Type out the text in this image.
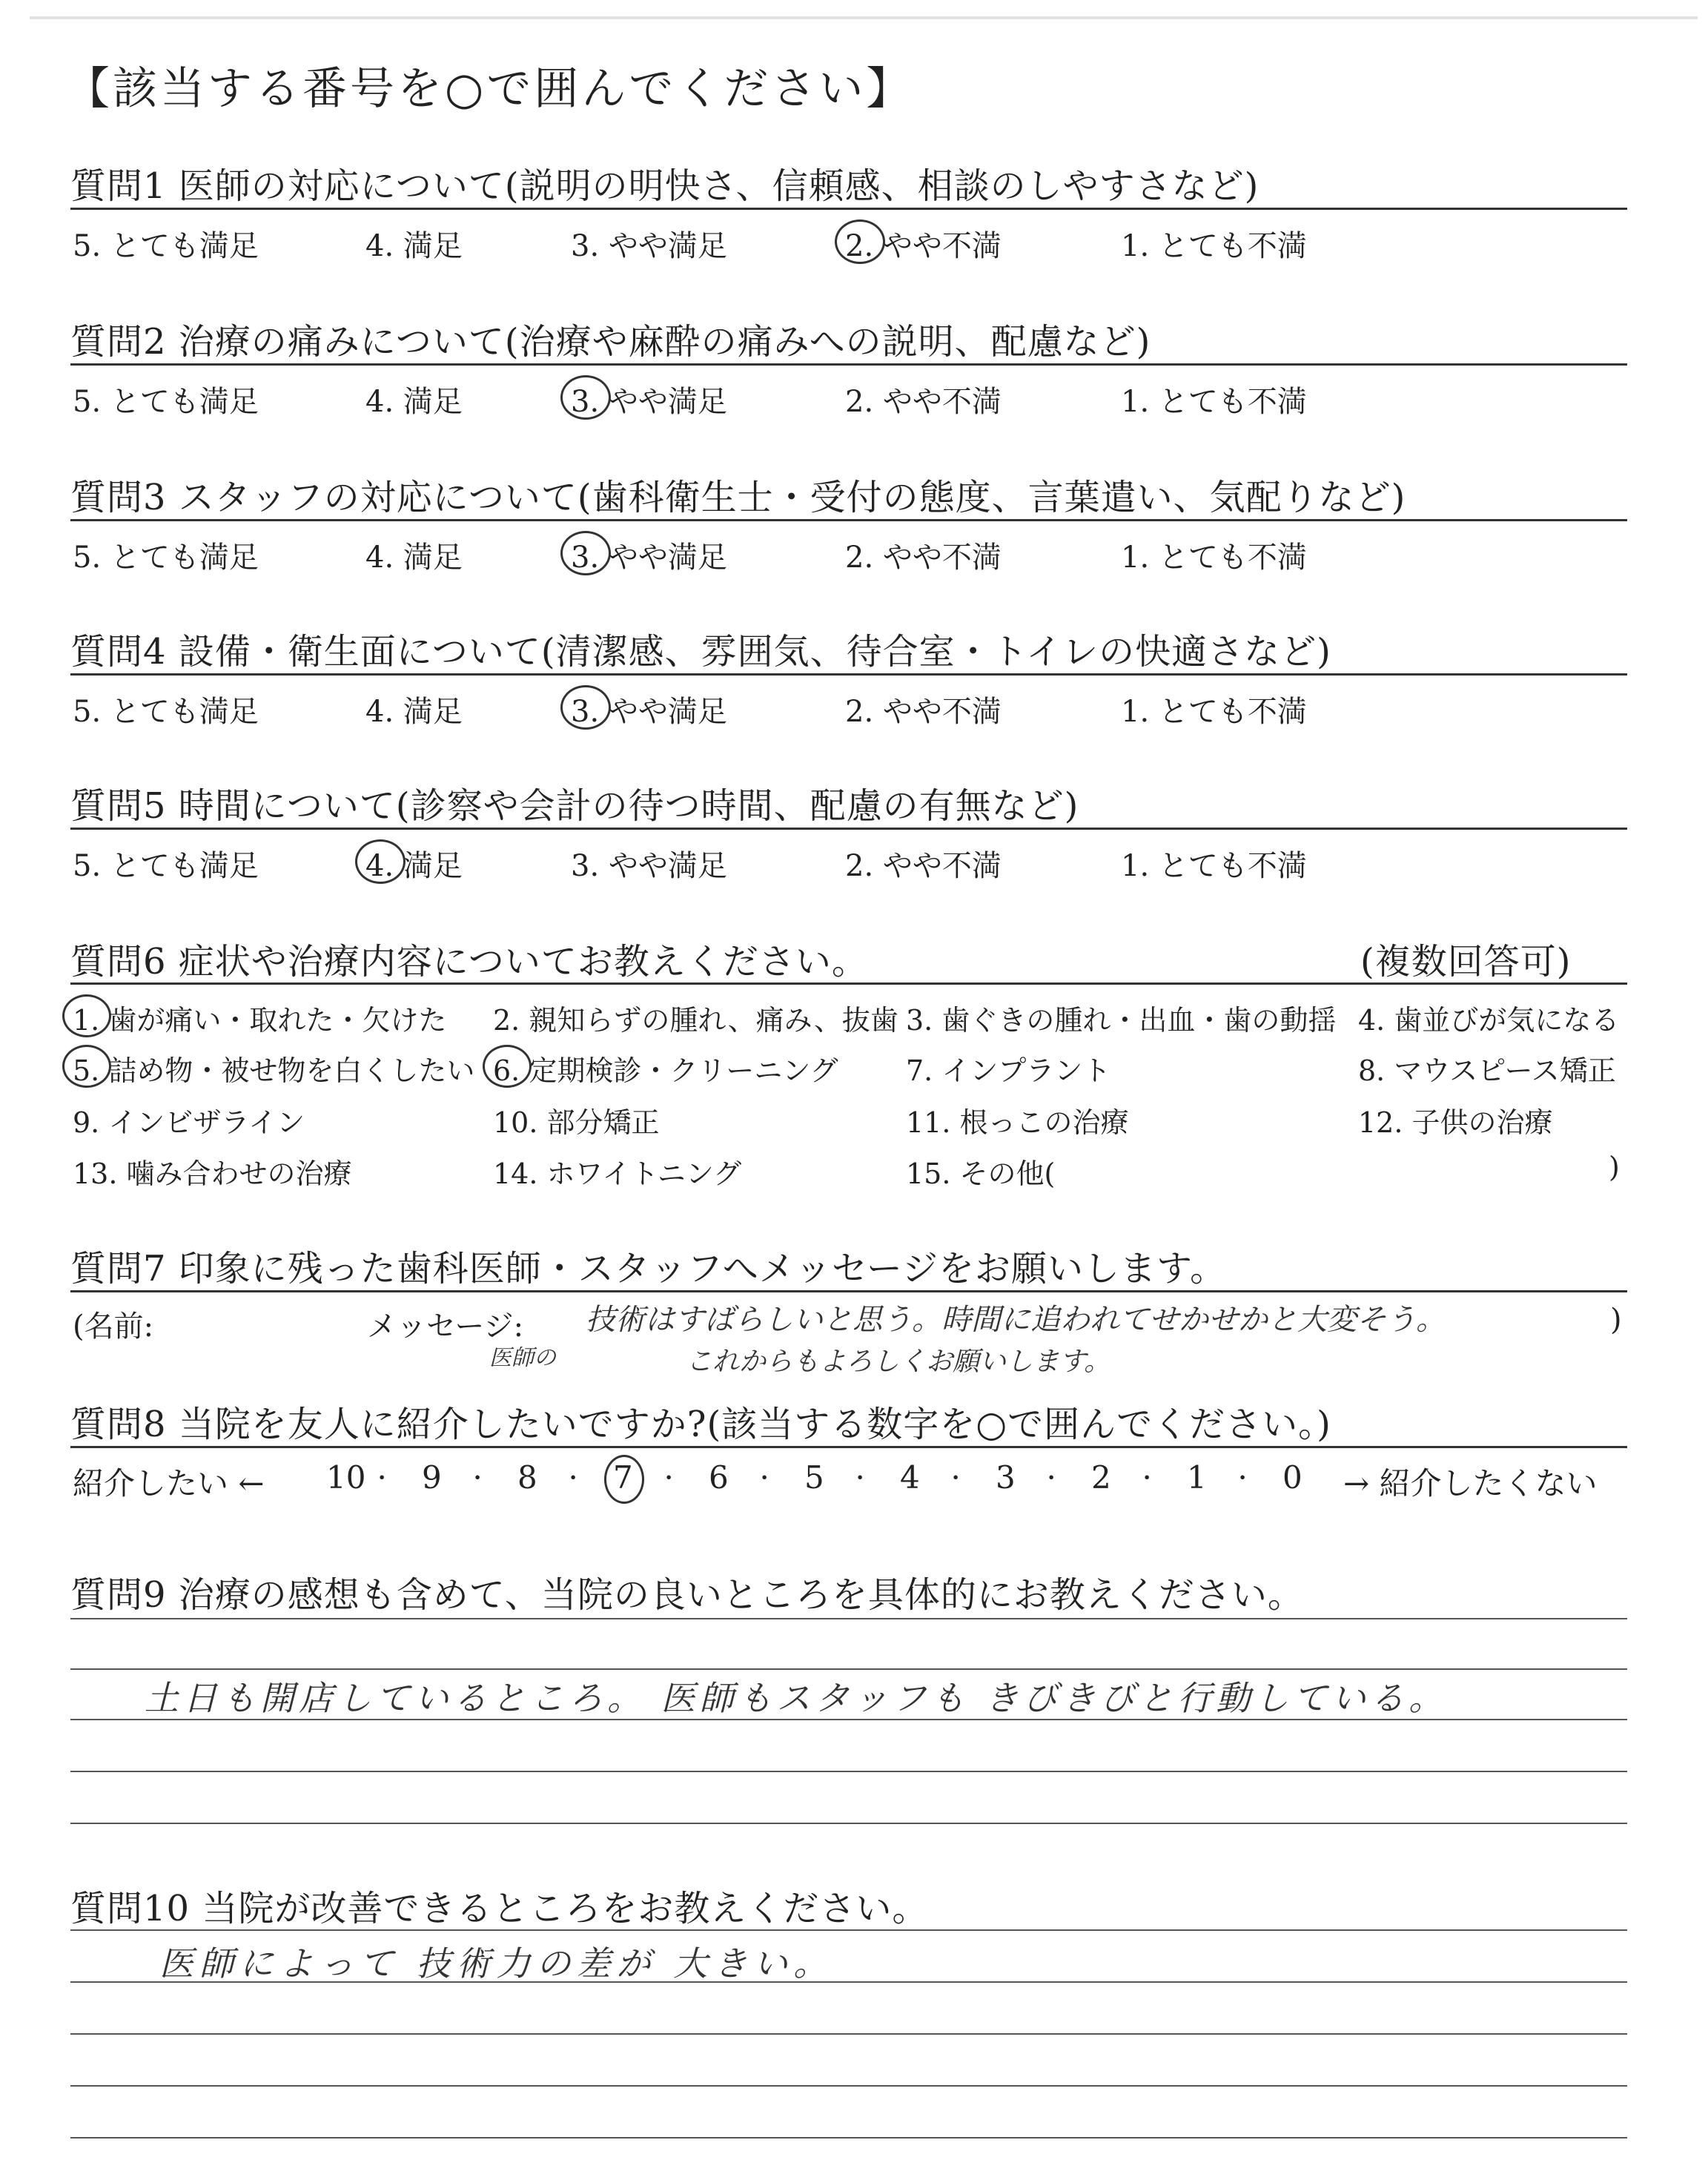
【該当する番号を○で囲んでください】
質問1 医師の対応について(説明の明快さ、信頼感、相談のしやすさなど)
5. とても満足	4. 満足	3. やや満足	2. やや不満	1. とても不満
質問2 治療の痛みについて(治療や麻酔の痛みへの説明、配慮など)
5. とても満足	4. 満足	3. やや満足	2. やや不満	1. とても不満
質問3 スタッフの対応について(歯科衛生士・受付の態度、言葉遣い、気配りなど)
5. とても満足	4. 満足	3. やや満足	2. やや不満	1. とても不満
質問4 設備・衛生面について(清潔感、雰囲気、待合室・トイレの快適さなど)
5. とても満足	4. 満足	3. やや満足	2. やや不満	1. とても不満
質問5 時間について(診察や会計の待つ時間、配慮の有無など)
5. とても満足	4. 満足	3. やや満足	2. やや不満	1. とても不満
質問6 症状や治療内容についてお教えください。	(複数回答可)
1. 歯が痛い・取れた・欠けた 2. 親知らずの腫れ、痛み、抜歯 3. 歯ぐきの腫れ・出血・歯の動揺 4. 歯並びが気になる
5. 詰め物・被せ物を白くしたい 6. 定期検診・クリーニング 7. インプラント	8. マウスピース矯正
9. インビザライン	10. 部分矯正	11. 根っこの治療	12. 子供の治療
13. 噛み合わせの治療	14. ホワイトニング	15. その他(	)
質問7 印象に残った歯科医師・スタッフへメッセージをお願いします。
(名前:	メッセージ:	)
技術はすばらしいと思う。時間に追われてせかせかと大変そう。
医師の	これからもよろしくお願いします。
質問8 当院を友人に紹介したいですか?(該当する数字を○で囲んでください。)
紹介したい ←	→ 紹介したくない
10 · 9 · 8 · 7 · 6 · 5 · 4 · 3 · 2 · 1 · 0
質問9 治療の感想も含めて、当院の良いところを具体的にお教えください。
土日も開店しているところ。 医師もスタッフも きびきびと行動している。
質問10 当院が改善できるところをお教えください。
医師によって 技術力の差が 大きい。
